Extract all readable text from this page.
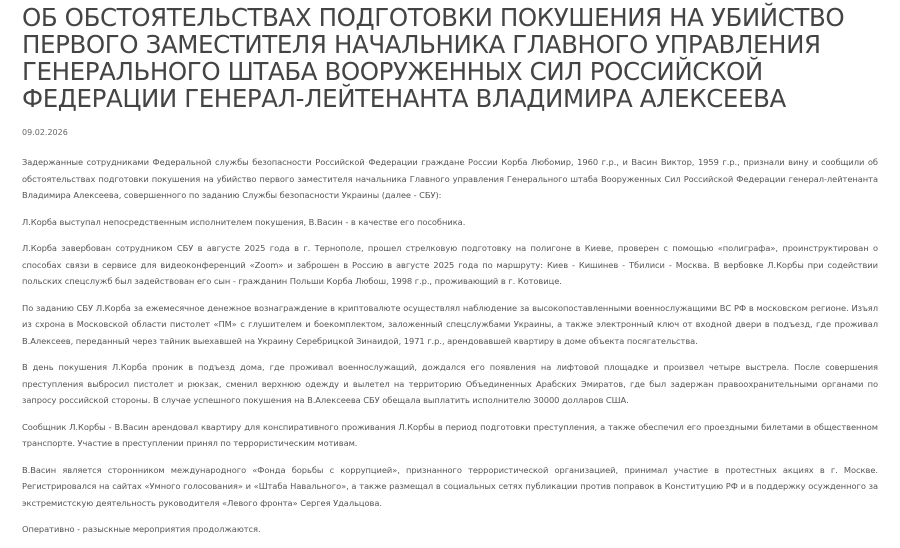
ОБ ОБСТОЯТЕЛЬСТВАХ ПОДГОТОВКИ ПОКУШЕНИЯ НА УБИЙСТВО ПЕРВОГО ЗАМЕСТИТЕЛЯ НАЧАЛЬНИКА ГЛАВНОГО УПРАВЛЕНИЯ ГЕНЕРАЛЬНОГО ШТАБА ВООРУЖЕННЫХ СИЛ РОССИЙСКОЙ ФЕДЕРАЦИИ ГЕНЕРАЛ-ЛЕЙТЕНАНТА ВЛАДИМИРА АЛЕКСЕЕВА
09.02.2026

Задержанные сотрудниками Федеральной службы безопасности Российской Федерации граждане России Корба Любомир, 1960 г.р., и Васин Виктор, 1959 г.р., признали вину и сообщили об обстоятельствах подготовки покушения на убийство первого заместителя начальника Главного управления Генерального штаба Вооруженных Сил Российской Федерации генерал-лейтенанта Владимира Алексеева, совершенного по заданию Службы безопасности Украины (далее - СБУ):

Л.Корба выступал непосредственным исполнителем покушения, В.Васин - в качестве его пособника.

Л.Корба завербован сотрудником СБУ в августе 2025 года в г. Тернополе, прошел стрелковую подготовку на полигоне в Киеве, проверен с помощью «полиграфа», проинструктирован о способах связи в сервисе для видеоконференций «Zoom» и заброшен в Россию в августе 2025 года по маршруту: Киев - Кишинев - Тбилиси - Москва. В вербовке Л.Корбы при содействии польских спецслужб был задействован его сын - гражданин Польши Корба Любош, 1998 г.р., проживающий в г. Котовице.

По заданию СБУ Л.Корба за ежемесячное денежное вознаграждение в криптовалюте осуществлял наблюдение за высокопоставленными военнослужащими ВС РФ в московском регионе. Изъял из схрона в Московской области пистолет «ПМ» с глушителем и боекомплектом, заложенный спецслужбами Украины, а также электронный ключ от входной двери в подъезд, где проживал В.Алексеев, переданный через тайник выехавшей на Украину Серебрицкой Зинаидой, 1971 г.р., арендовавшей квартиру в доме объекта посягательства.

В день покушения Л.Корба проник в подъезд дома, где проживал военнослужащий, дождался его появления на лифтовой площадке и произвел четыре выстрела. После совершения преступления выбросил пистолет и рюкзак, сменил верхнюю одежду и вылетел на территорию Объединенных Арабских Эмиратов, где был задержан правоохранительными органами по запросу российской стороны. В случае успешного покушения на В.Алексеева СБУ обещала выплатить исполнителю 30000 долларов США.

Сообщник Л.Корбы - В.Васин арендовал квартиру для конспиративного проживания Л.Корбы в период подготовки преступления, а также обеспечил его проездными билетами в общественном транспорте. Участие в преступлении принял по террористическим мотивам.

В.Васин является сторонником международного «Фонда борьбы с коррупцией», признанного террористической организацией, принимал участие в протестных акциях в г. Москве. Регистрировался на сайтах «Умного голосования» и «Штаба Навального», а также размещал в социальных сетях публикации против поправок в Конституцию РФ и в поддержку осужденного за экстремистскую деятельность руководителя «Левого фронта» Сергея Удальцова.

Оперативно - разыскные мероприятия продолжаются.
